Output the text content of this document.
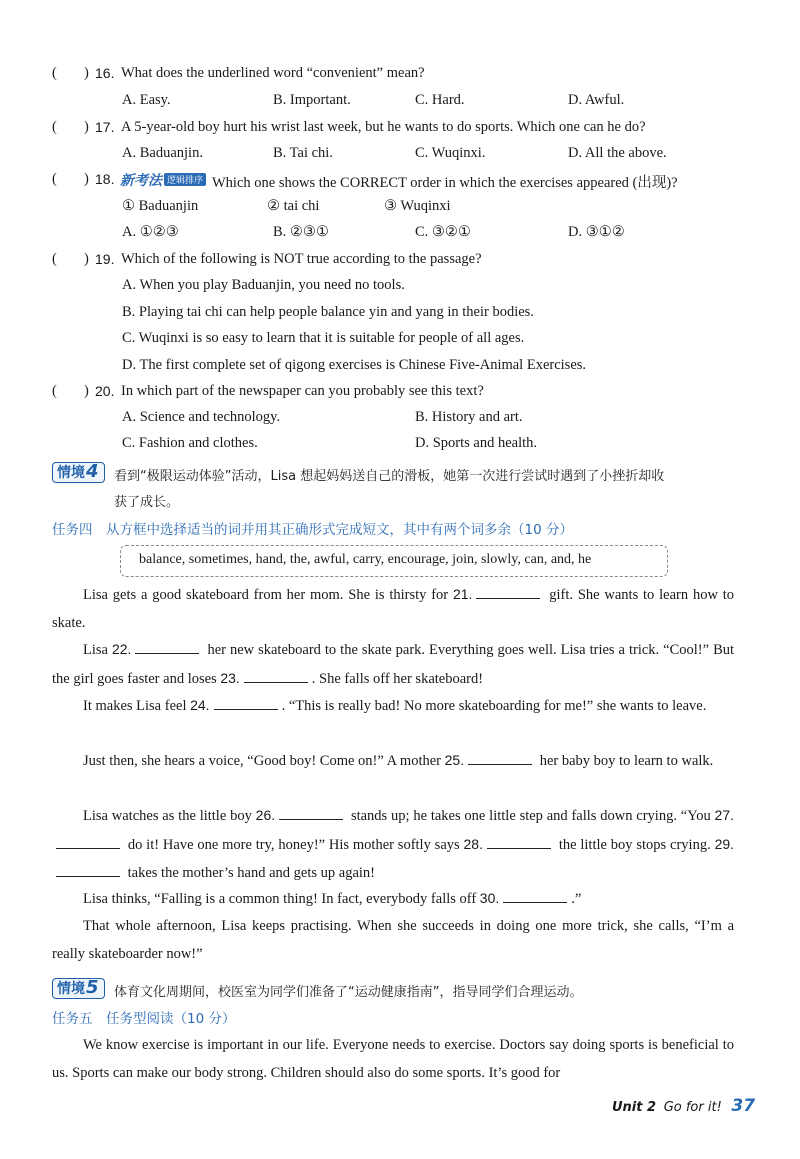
( ) 16. What does the underlined word “convenient” mean?
A. Easy.	B. Important.	C. Hard.	D. Awful.
( ) 17. A 5-year-old boy hurt his wrist last week, but he wants to do sports. Which one can he do?
A. Baduanjin.	B. Tai chi.	C. Wuqinxi.	D. All the above.
( ) 18. 新考法 逻辑排序 Which one shows the CORRECT order in which the exercises appeared (出现)?
① Baduanjin	② tai chi	③ Wuqinxi
A. ①②③	B. ②③①	C. ③②①	D. ③①②
( ) 19. Which of the following is NOT true according to the passage?
A. When you play Baduanjin, you need no tools.
B. Playing tai chi can help people balance yin and yang in their bodies.
C. Wuqinxi is so easy to learn that it is suitable for people of all ages.
D. The first complete set of qigong exercises is Chinese Five-Animal Exercises.
( ) 20. In which part of the newspaper can you probably see this text?
A. Science and technology.	B. History and art.
C. Fashion and clothes.	D. Sports and health.
情境4	看到“极限运动体验”活动，Lisa 想起妈妈送自己的滑板，她第一次进行尝试时遇到了小挫折却收
获了成长。
任务四　从方框中选择适当的词并用其正确形式完成短文，其中有两个词多余（10 分）
balance, sometimes, hand, the, awful, carry, encourage, join, slowly, can, and, he
Lisa gets a good skateboard from her mom. She is thirsty for 21.	gift. She wants to learn how to skate.
Lisa 22.	her new skateboard to the skate park. Everything goes well. Lisa tries a trick. “Cool!” But the girl goes faster and loses 23.	. She falls off her skateboard!
It makes Lisa feel 24.	. “This is really bad! No more skateboarding for me!” she wants to leave.
Just then, she hears a voice, “Good boy! Come on!” A mother 25.	her baby boy to learn to walk.
Lisa watches as the little boy 26.	stands up; he takes one little step and falls down crying. “You 27. do it! Have one more try, honey!” His mother softly says 28.	the little boy stops crying. 29. takes the mother’s hand and gets up again!
Lisa thinks, “Falling is a common thing! In fact, everybody falls off 30.	.”
That whole afternoon, Lisa keeps practising. When she succeeds in doing one more trick, she calls, “I’m a really skateboarder now!”
情境5	体育文化周期间，校医室为同学们准备了“运动健康指南”，指导同学们合理运动。
任务五　任务型阅读（10 分）
We know exercise is important in our life. Everyone needs to exercise. Doctors say doing sports is beneficial to us. Sports can make our body strong. Children should also do some sports. It’s good for
Unit 2 Go for it! 37
